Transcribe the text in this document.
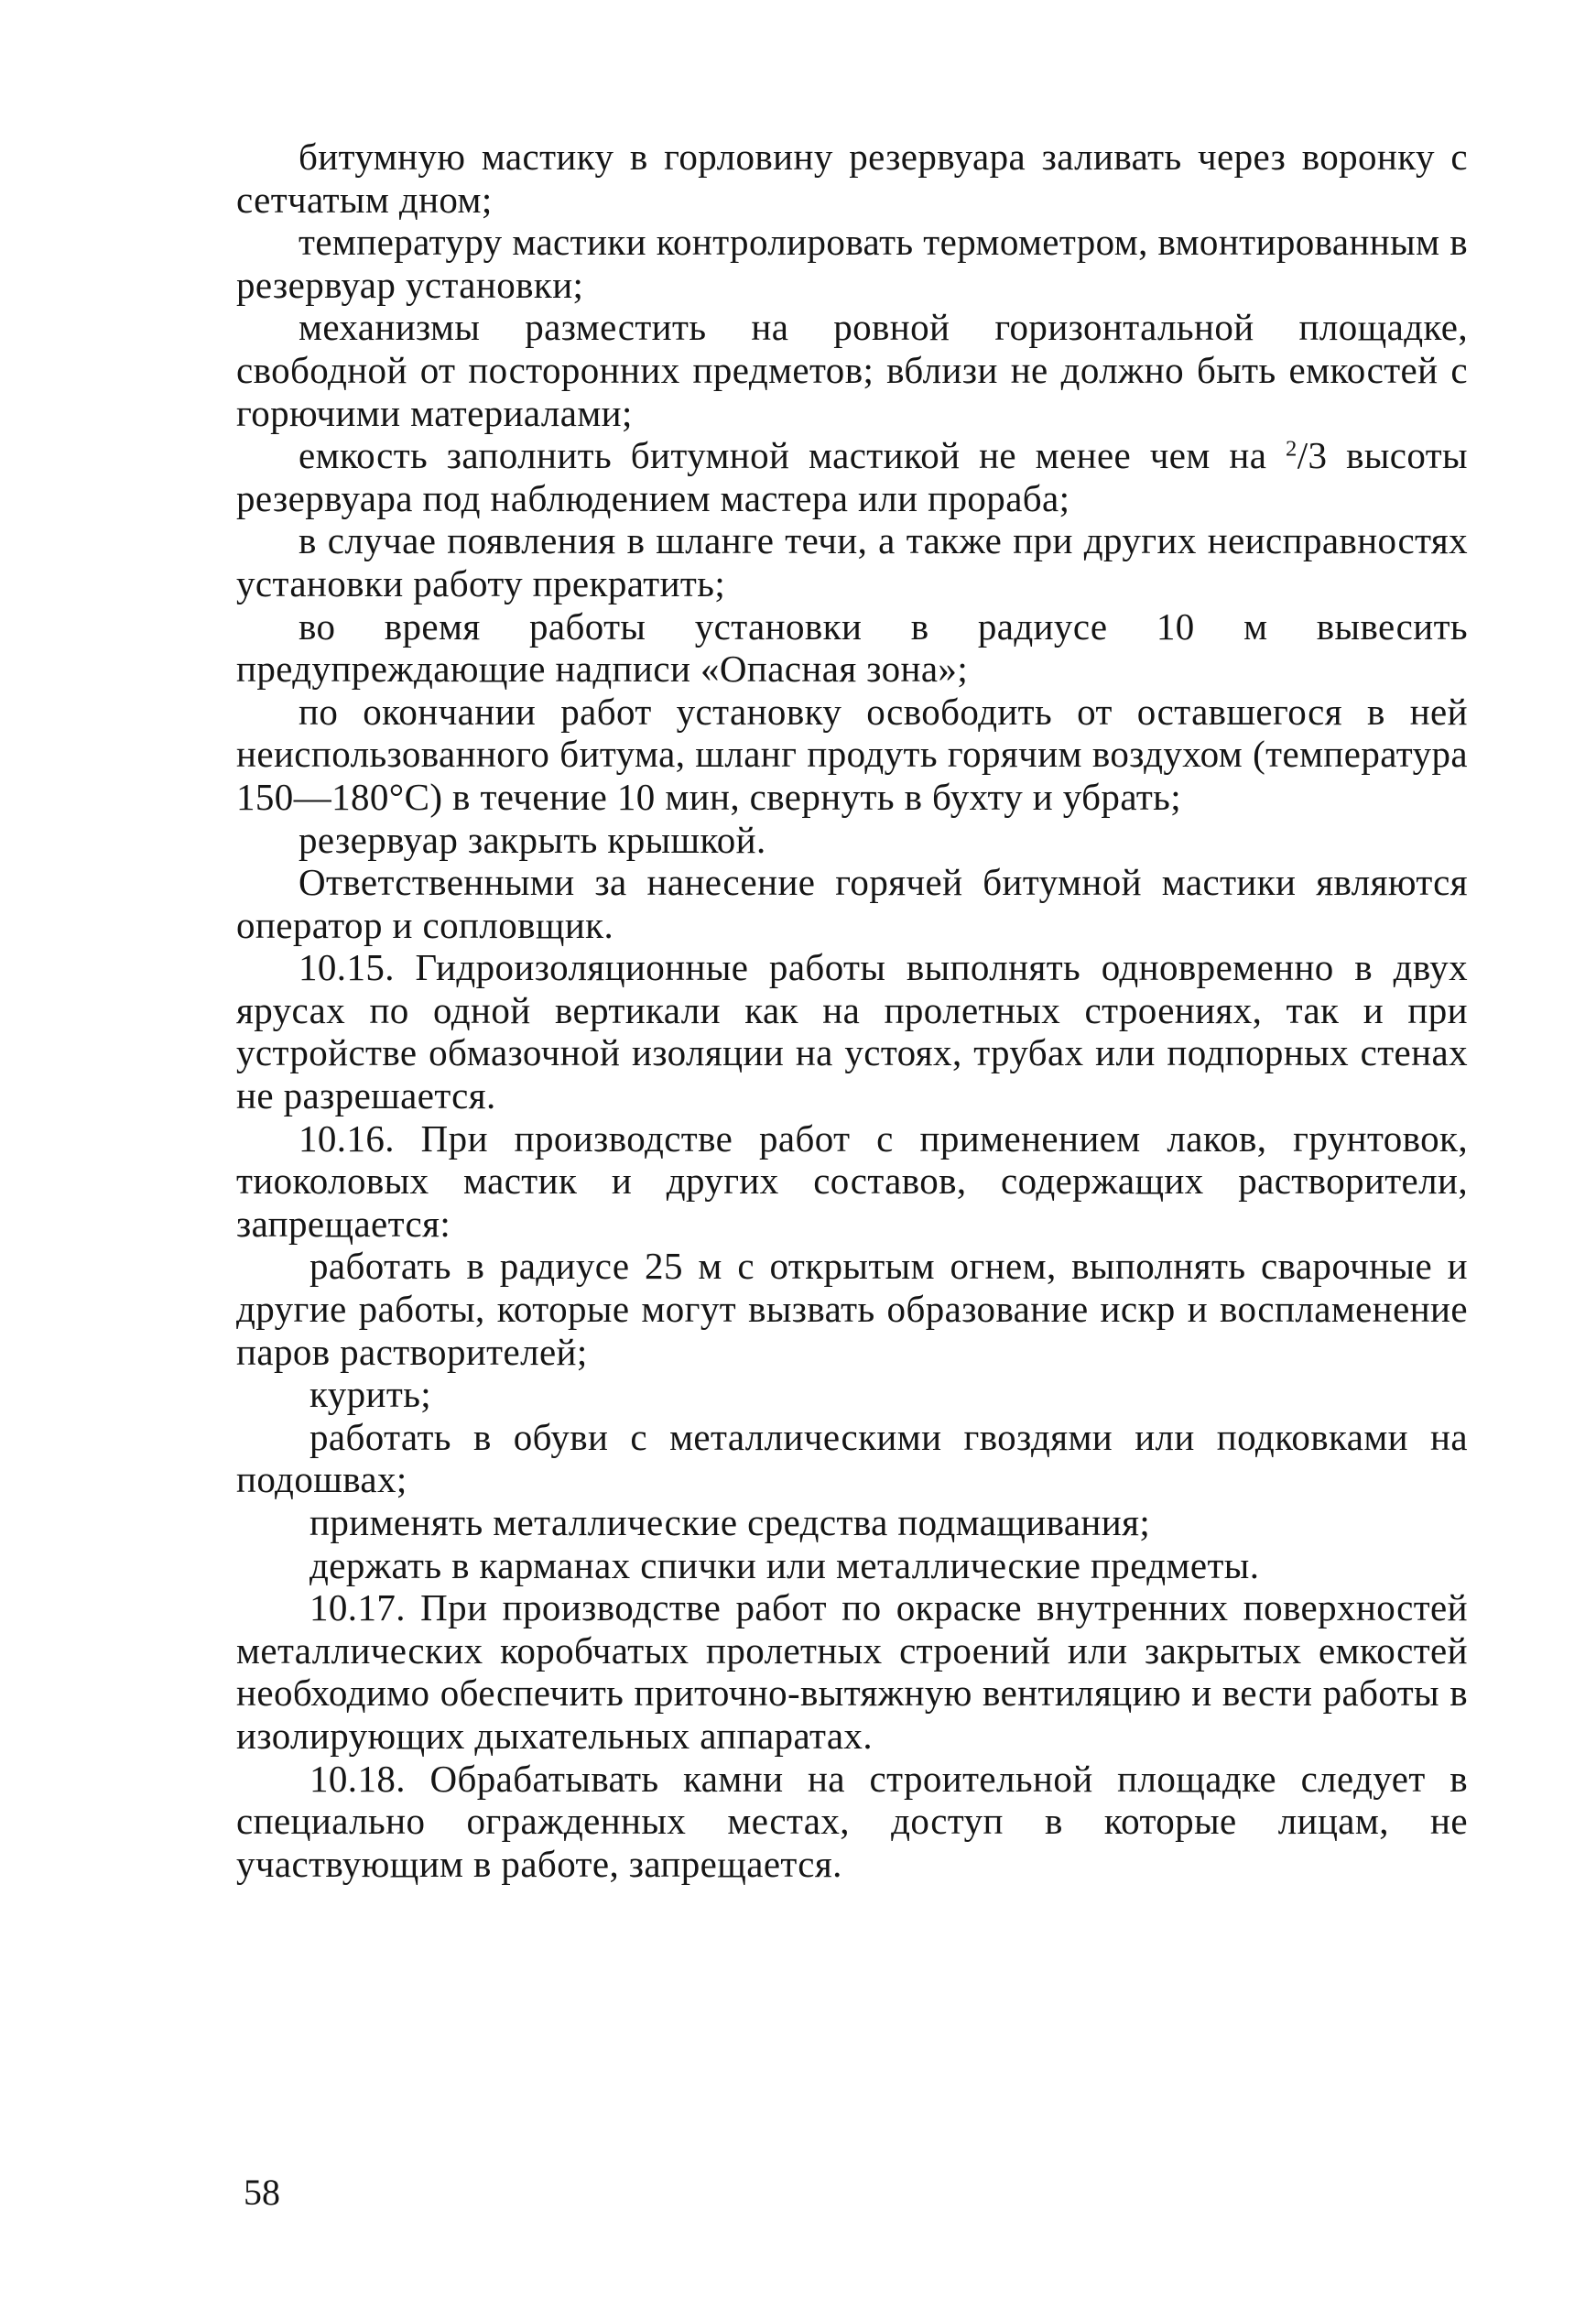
битумную мастику в горловину резервуара заливать через воронку с сетчатым дном;

температуру мастики контролировать термометром, вмонтированным в резервуар установки;

механизмы разместить на ровной горизонтальной площадке, свободной от посторонних предметов; вблизи не должно быть емкостей с горючими материалами;

емкость заполнить битумной мастикой не менее чем на $^2$/3 высоты резервуара под наблюдением мастера или прораба;

в случае появления в шланге течи, а также при других неисправностях установки работу прекратить;

во время работы установки в радиусе 10 м вывесить предупреждающие надписи «Опасная зона»;

по окончании работ установку освободить от оставшегося в ней неиспользованного битума, шланг продуть горячим воздухом (температура 150—180°С) в течение 10 мин, свернуть в бухту и убрать;

резервуар закрыть крышкой.

Ответственными за нанесение горячей битумной мастики являются оператор и сопловщик.

10.15. Гидроизоляционные работы выполнять одновременно в двух ярусах по одной вертикали как на пролетных строениях, так и при устройстве обмазочной изоляции на устоях, трубах или подпорных стенах не разрешается.

10.16. При производстве работ с применением лаков, грунтовок, тиоколовых мастик и других составов, содержащих растворители, запрещается:

работать в радиусе 25 м с открытым огнем, выполнять сварочные и другие работы, которые могут вызвать образование искр и воспламенение паров растворителей;

курить;

работать в обуви с металлическими гвоздями или подковками на подошвах;

применять металлические средства подмащивания;

держать в карманах спички или металлические предметы.

10.17. При производстве работ по окраске внутренних поверхностей металлических коробчатых пролетных строений или закрытых емкостей необходимо обеспечить приточно-вытяжную вентиляцию и вести работы в изолирующих дыхательных аппаратах.

10.18. Обрабатывать камни на строительной площадке следует в специально огражденных местах, доступ в которые лицам, не участвующим в работе, запрещается.

58
